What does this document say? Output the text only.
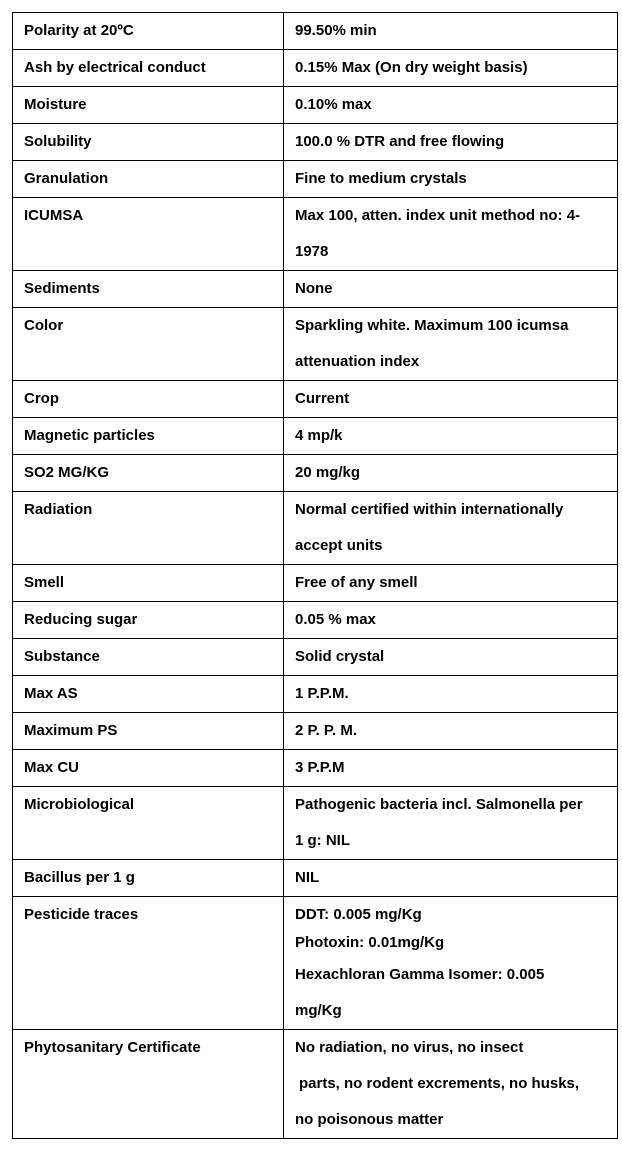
Polarity at 20ºC	99.50% min

Ash by electrical conduct	0.15% Max (On dry weight basis)

Moisture	0.10% max

Solubility	100.0 % DTR and free flowing

Granulation	Fine to medium crystals

ICUMSA	Max 100, atten. index unit method no: 4-
1978

Sediments	None

Color	Sparkling white. Maximum 100 icumsa
attenuation index

Crop	Current

Magnetic particles	4 mp/k

SO2 MG/KG	20 mg/kg

Radiation	Normal certified within internationally
accept units

Smell	Free of any smell

Reducing sugar	0.05 % max

Substance	Solid crystal

Max AS	1 P.P.M.

Maximum PS	2 P. P. M.

Max CU	3 P.P.M

Microbiological	Pathogenic bacteria incl. Salmonella per
1 g: NIL

Bacillus per 1 g	NIL

Pesticide traces	DDT: 0.005 mg/Kg
Photoxin: 0.01mg/Kg
Hexachloran Gamma Isomer: 0.005
mg/Kg

Phytosanitary Certificate	No radiation, no virus, no insect
parts, no rodent excrements, no husks,
no poisonous matter
